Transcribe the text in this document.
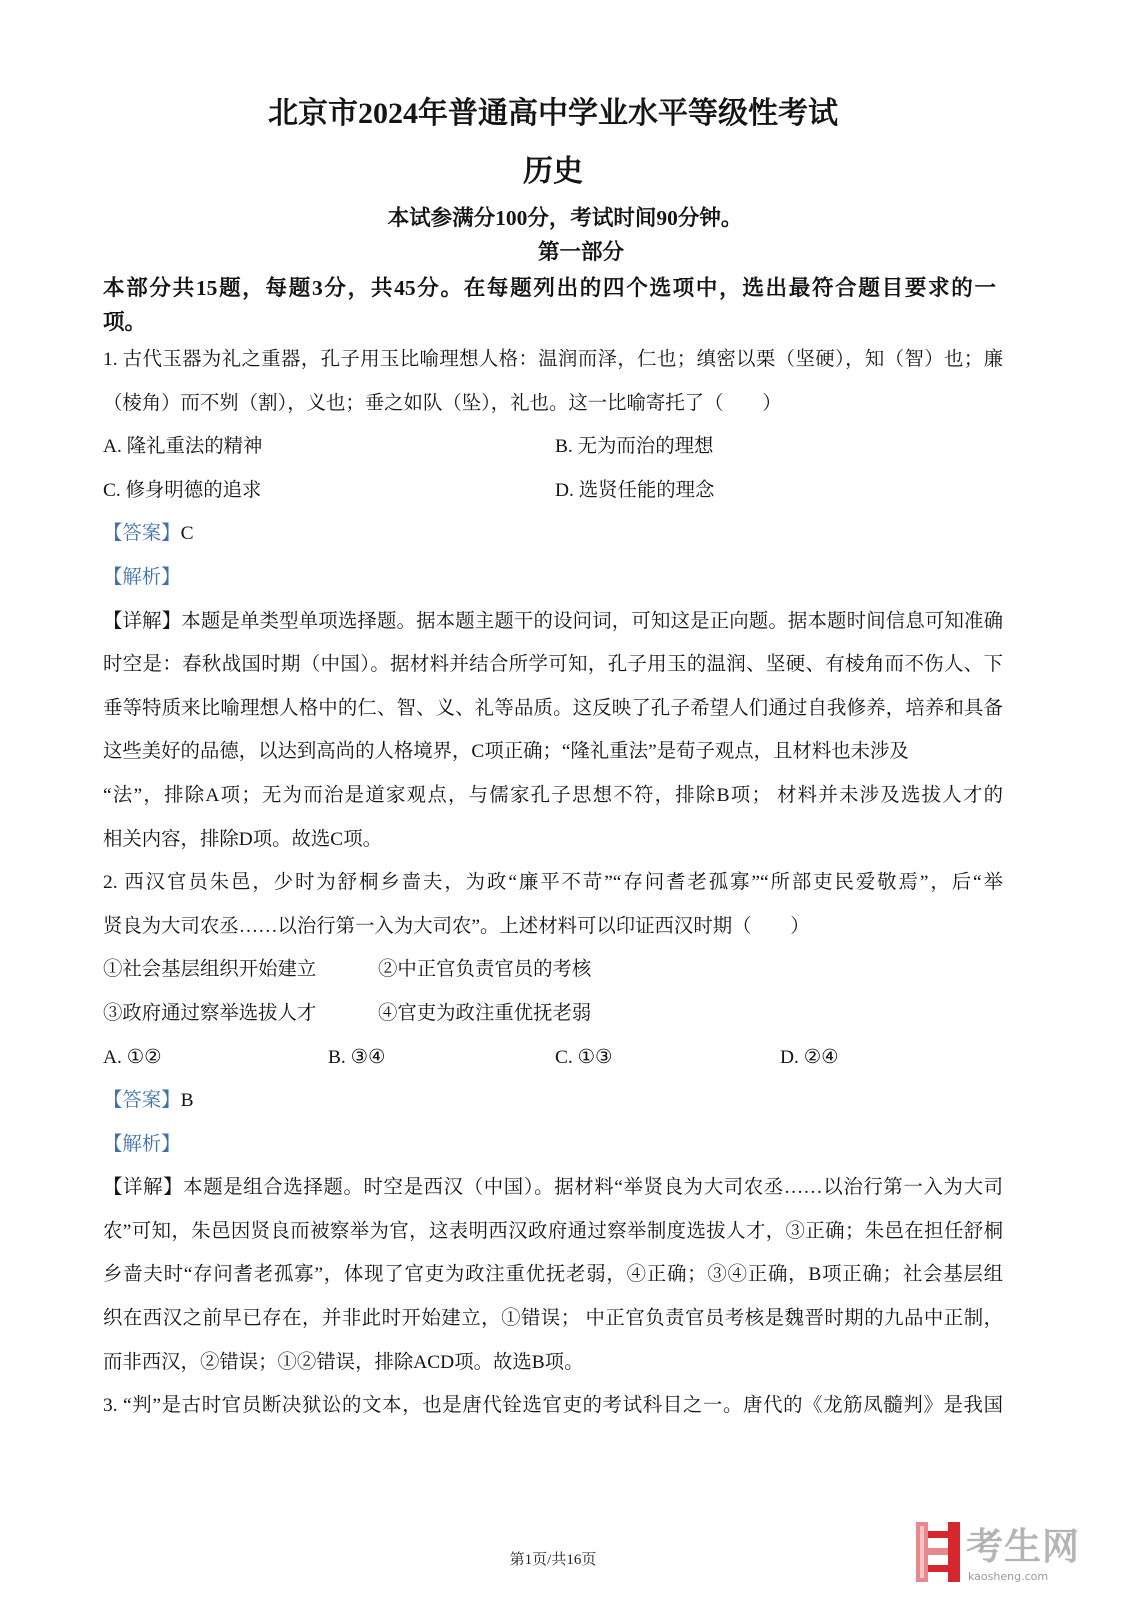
北京市2024年普通高中学业水平等级性考试
历史
本试参满分100分，考试时间90分钟。
第一部分
本部分共15题，每题3分，共45分。在每题列出的四个选项中，选出最符合题目要求的一
项。
1. 古代玉器为礼之重器，孔子用玉比喻理想人格：温润而泽，仁也；缜密以栗（坚硬），知（智）也；廉
（棱角）而不刿（割），义也；垂之如队（坠），礼也。这一比喻寄托了（　　）
A. 隆礼重法的精神	B. 无为而治的理想
C. 修身明德的追求	D. 选贤任能的理念
【答案】C
【解析】
【详解】本题是单类型单项选择题。据本题主题干的设问词，可知这是正向题。据本题时间信息可知准确
时空是：春秋战国时期（中国）。据材料并结合所学可知，孔子用玉的温润、坚硬、有棱角而不伤人、下
垂等特质来比喻理想人格中的仁、智、义、礼等品质。这反映了孔子希望人们通过自我修养，培养和具备
这些美好的品德，以达到高尚的人格境界，C项正确；“隆礼重法”是荀子观点，且材料也未涉及
“法”，排除A项；无为而治是道家观点，与儒家孔子思想不符，排除B项； 材料并未涉及选拔人才的
相关内容，排除D项。故选C项。
2. 西汉官员朱邑，少时为舒桐乡啬夫，为政“廉平不苛”“存问耆老孤寡”“所部吏民爱敬焉”，后“举
贤良为大司农丞……以治行第一入为大司农”。上述材料可以印证西汉时期（　　）
①社会基层组织开始建立	②中正官负责官员的考核
③政府通过察举选拔人才	④官吏为政注重优抚老弱
A. ①②	B. ③④	C. ①③	D. ②④
【答案】B
【解析】
【详解】本题是组合选择题。时空是西汉（中国）。据材料“举贤良为大司农丞……以治行第一入为大司
农”可知，朱邑因贤良而被察举为官，这表明西汉政府通过察举制度选拔人才，③正确；朱邑在担任舒桐
乡啬夫时“存问耆老孤寡”，体现了官吏为政注重优抚老弱，④正确；③④正确，B项正确；社会基层组
织在西汉之前早已存在，并非此时开始建立，①错误； 中正官负责官员考核是魏晋时期的九品中正制，
而非西汉，②错误；①②错误，排除ACD项。故选B项。
3. “判”是古时官员断决狱讼的文本，也是唐代铨选官吏的考试科目之一。唐代的《龙筋凤髓判》是我国
第1页/共16页	考生网
kaosheng.com
